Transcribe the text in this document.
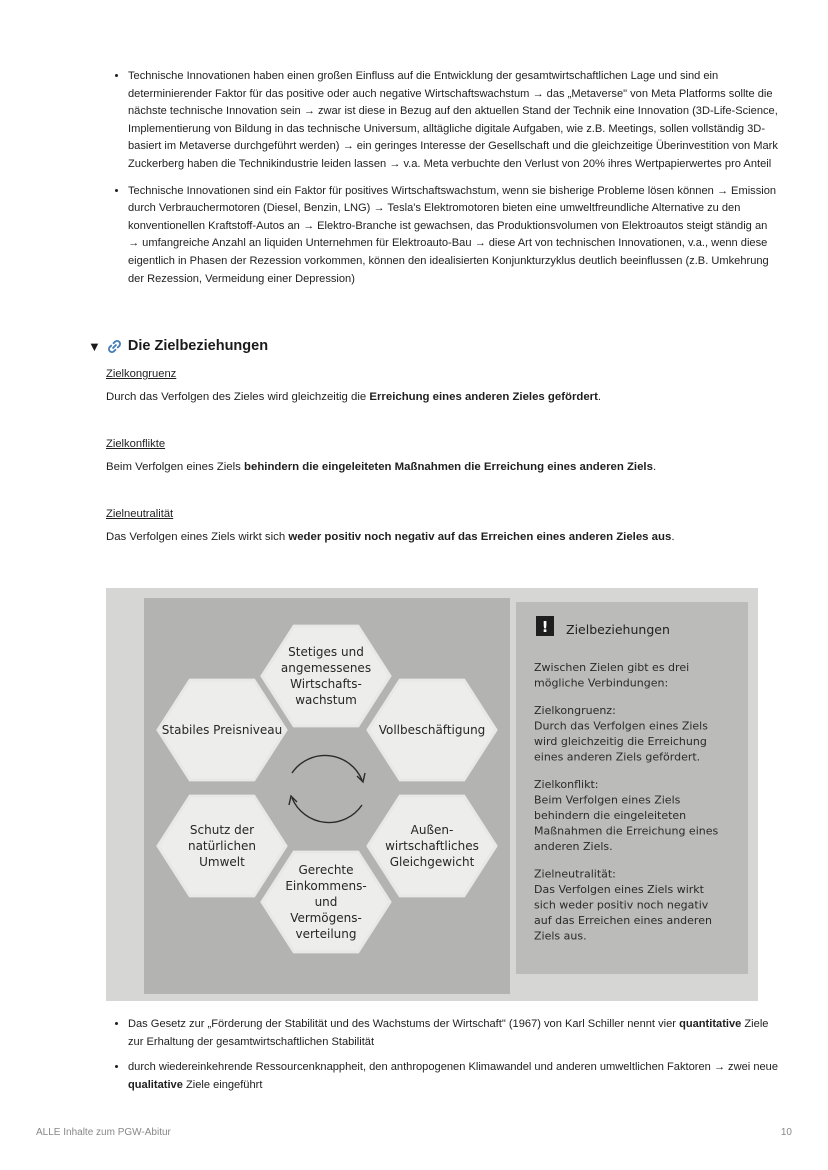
• Technische Innovationen haben einen großen Einfluss auf die Entwicklung der gesamtwirtschaftlichen Lage und sind ein determinierender Faktor für das positive oder auch negative Wirtschaftswachstum → das „Metaverse" von Meta Platforms sollte die nächste technische Innovation sein → zwar ist diese in Bezug auf den aktuellen Stand der Technik eine Innovation (3D-Life-Science, Implementierung von Bildung in das technische Universum, alltägliche digitale Aufgaben, wie z.B. Meetings, sollen vollständig 3D-basiert im Metaverse durchgeführt werden) → ein geringes Interesse der Gesellschaft und die gleichzeitige Überinvestition von Mark Zuckerberg haben die Technikindustrie leiden lassen → v.a. Meta verbuchte den Verlust von 20% ihres Wertpapierwertes pro Anteil
• Technische Innovationen sind ein Faktor für positives Wirtschaftswachstum, wenn sie bisherige Probleme lösen können → Emission durch Verbrauchermotoren (Diesel, Benzin, LNG) → Tesla's Elektromotoren bieten eine umweltfreundliche Alternative zu den konventionellen Kraftstoff-Autos an → Elektro-Branche ist gewachsen, das Produktionsvolumen von Elektroautos steigt ständig an → umfangreiche Anzahl an liquiden Unternehmen für Elektroauto-Bau → diese Art von technischen Innovationen, v.a., wenn diese eigentlich in Phasen der Rezession vorkommen, können den idealisierten Konjunkturzyklus deutlich beeinflussen (z.B. Umkehrung der Rezession, Vermeidung einer Depression)
▼ Die Zielbeziehungen
Zielkongruenz
Durch das Verfolgen des Zieles wird gleichzeitig die Erreichung eines anderen Zieles gefördert.
Zielkonflikte
Beim Verfolgen eines Ziels behindern die eingeleiteten Maßnahmen die Erreichung eines anderen Ziels.
Zielneutralität
Das Verfolgen eines Ziels wirkt sich weder positiv noch negativ auf das Erreichen eines anderen Zieles aus.
Stetiges und
angemessenes
Wirtschafts-
wachstum
Stabiles Preisniveau	Vollbeschäftigung
Schutz der
natürlichen
Umwelt
Außen-
wirtschaftliches
Gleichgewicht
Gerechte
Einkommens-
und
Vermögens-
verteilung
! Zielbeziehungen
Zwischen Zielen gibt es drei
mögliche Verbindungen:
Zielkongruenz:
Durch das Verfolgen eines Ziels
wird gleichzeitig die Erreichung
eines anderen Ziels gefördert.
Zielkonflikt:
Beim Verfolgen eines Ziels
behindern die eingeleiteten
Maßnahmen die Erreichung eines
anderen Ziels.
Zielneutralität:
Das Verfolgen eines Ziels wirkt
sich weder positiv noch negativ
auf das Erreichen eines anderen
Ziels aus.
• Das Gesetz zur „Förderung der Stabilität und des Wachstums der Wirtschaft" (1967) von Karl Schiller nennt vier quantitative Ziele zur Erhaltung der gesamtwirtschaftlichen Stabilität
• durch wiedereinkehrende Ressourcenknappheit, den anthropogenen Klimawandel und anderen umweltlichen Faktoren → zwei neue qualitative Ziele eingeführt
ALLE Inhalte zum PGW-Abitur	10
